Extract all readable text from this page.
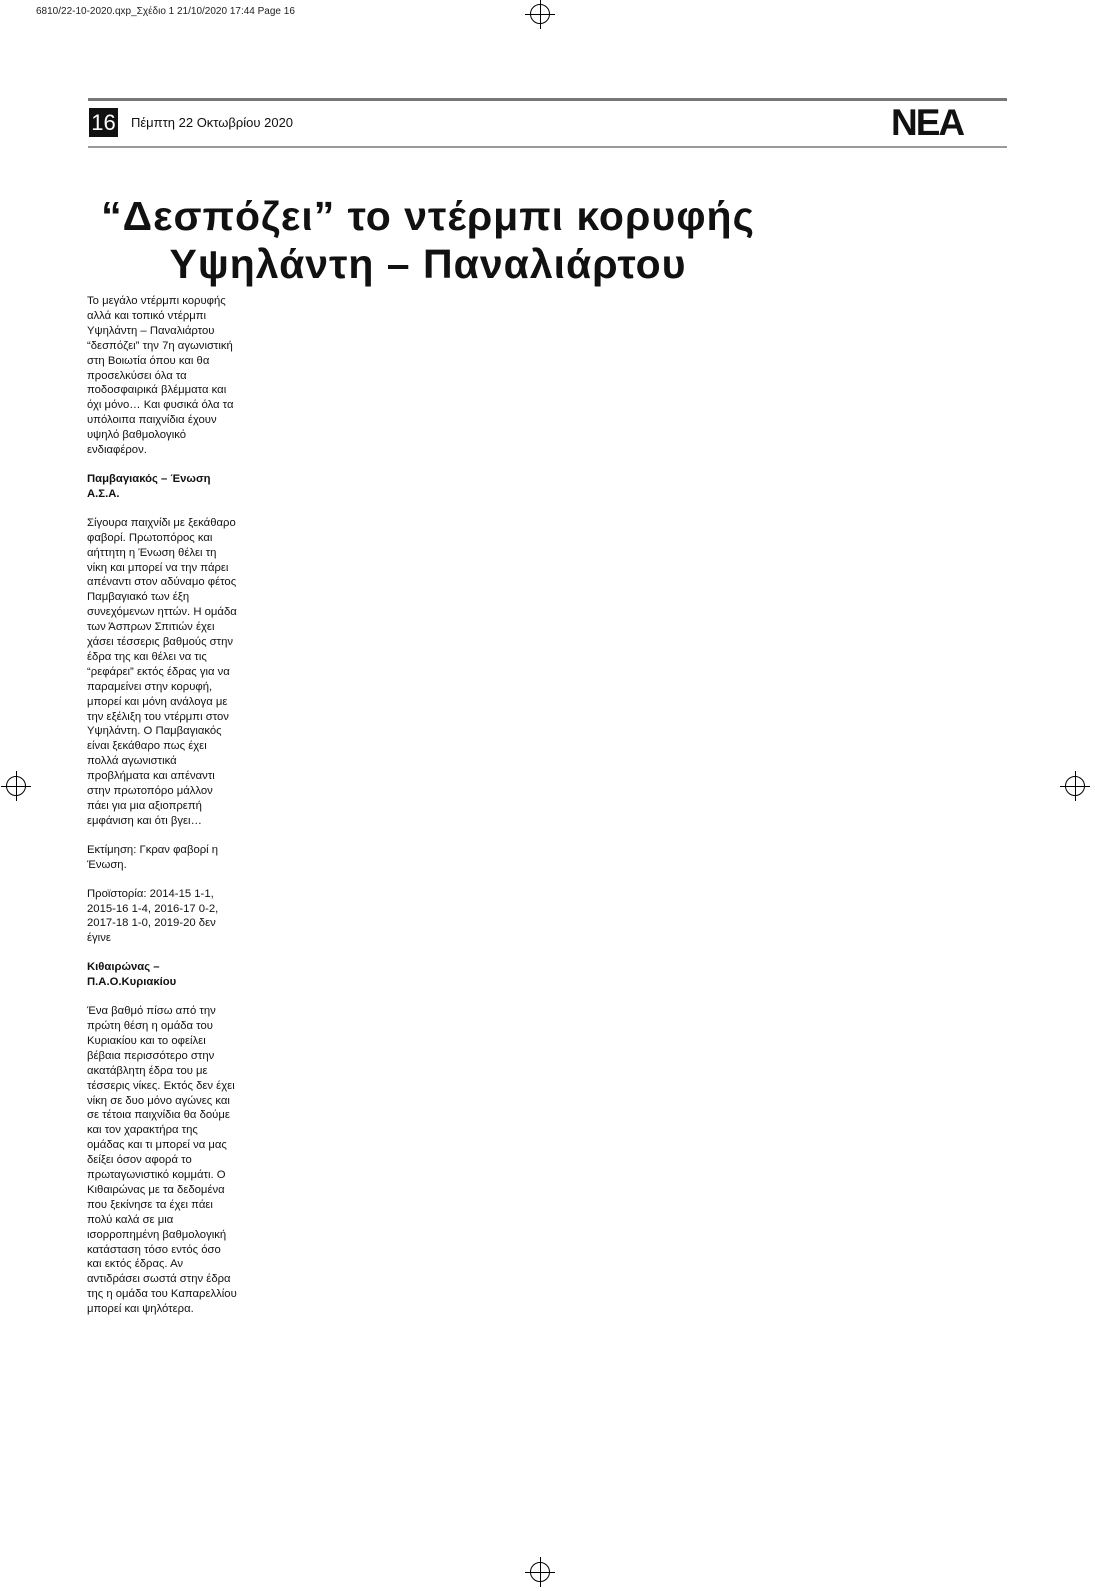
6810/22-10-2020.qxp_Σχέδιο 1 21/10/2020 17:44 Page 16
16 Πέμπτη 22 Οκτωβρίου 2020	ΝΕΑ
“Δεσπόζει” το ντέρμπι κορυφής
Υψηλάντη – Παναλιάρτου

Το μεγάλο ντέρμπι κορυφής αλλά και τοπικό ντέρμπι Υψηλάντη – Παναλιάρτου “δεσπόζει” την 7η αγωνιστική στη Βοιωτία όπου και θα προσελκύσει όλα τα ποδοσφαιρικά βλέμματα και όχι μόνο… Και φυσικά όλα τα υπόλοιπα παιχνίδια έχουν υψηλό βαθμολογικό ενδιαφέρον.

Παμβαγιακός – Ένωση Α.Σ.Α.

Σίγουρα παιχνίδι με ξεκάθαρο φαβορί. Πρωτοπόρος και αήττητη η Ένωση θέλει τη νίκη και μπορεί να την πάρει απέναντι στον αδύναμο φέτος Παμβαγιακό των έξη συνεχόμενων ηττών. Η ομάδα των Άσπρων Σπιτιών έχει χάσει τέσσερις βαθμούς στην έδρα της και θέλει να τις “ρεφάρει” εκτός έδρας για να παραμείνει στην κορυφή, μπορεί και μόνη ανάλογα με την εξέλιξη του ντέρμπι στον Υψηλάντη. Ο Παμβαγιακός είναι ξεκάθαρο πως έχει πολλά αγωνιστικά προβλήματα και απέναντι στην πρωτοπόρο μάλλον πάει για μια αξιοπρεπή εμφάνιση και ότι βγει…

Εκτίμηση: Γκραν φαβορί η Ένωση.

Προϊστορία: 2014-15 1-1, 2015-16 1-4, 2016-17 0-2, 2017-18 1-0, 2019-20 δεν έγινε

Κιθαιρώνας – Π.Α.Ο.Κυριακίου

Ένα βαθμό πίσω από την πρώτη θέση η ομάδα του Κυριακίου και το οφείλει βέβαια περισσότερο στην ακατάβλητη έδρα του με τέσσερις νίκες. Εκτός δεν έχει νίκη σε δυο μόνο αγώνες και σε τέτοια παιχνίδια θα δούμε και τον χαρακτήρα της ομάδας και τι μπορεί να μας δείξει όσον αφορά το πρωταγωνιστικό κομμάτι. Ο Κιθαιρώνας με τα δεδομένα που ξεκίνησε τα έχει πάει πολύ καλά σε μια ισορροπημένη βαθμολογική κατάσταση τόσο εντός όσο και εκτός έδρας. Αν αντιδράσει σωστά στην έδρα της η ομάδα του Καπαρελλίου μπορεί και ψηλότερα.
